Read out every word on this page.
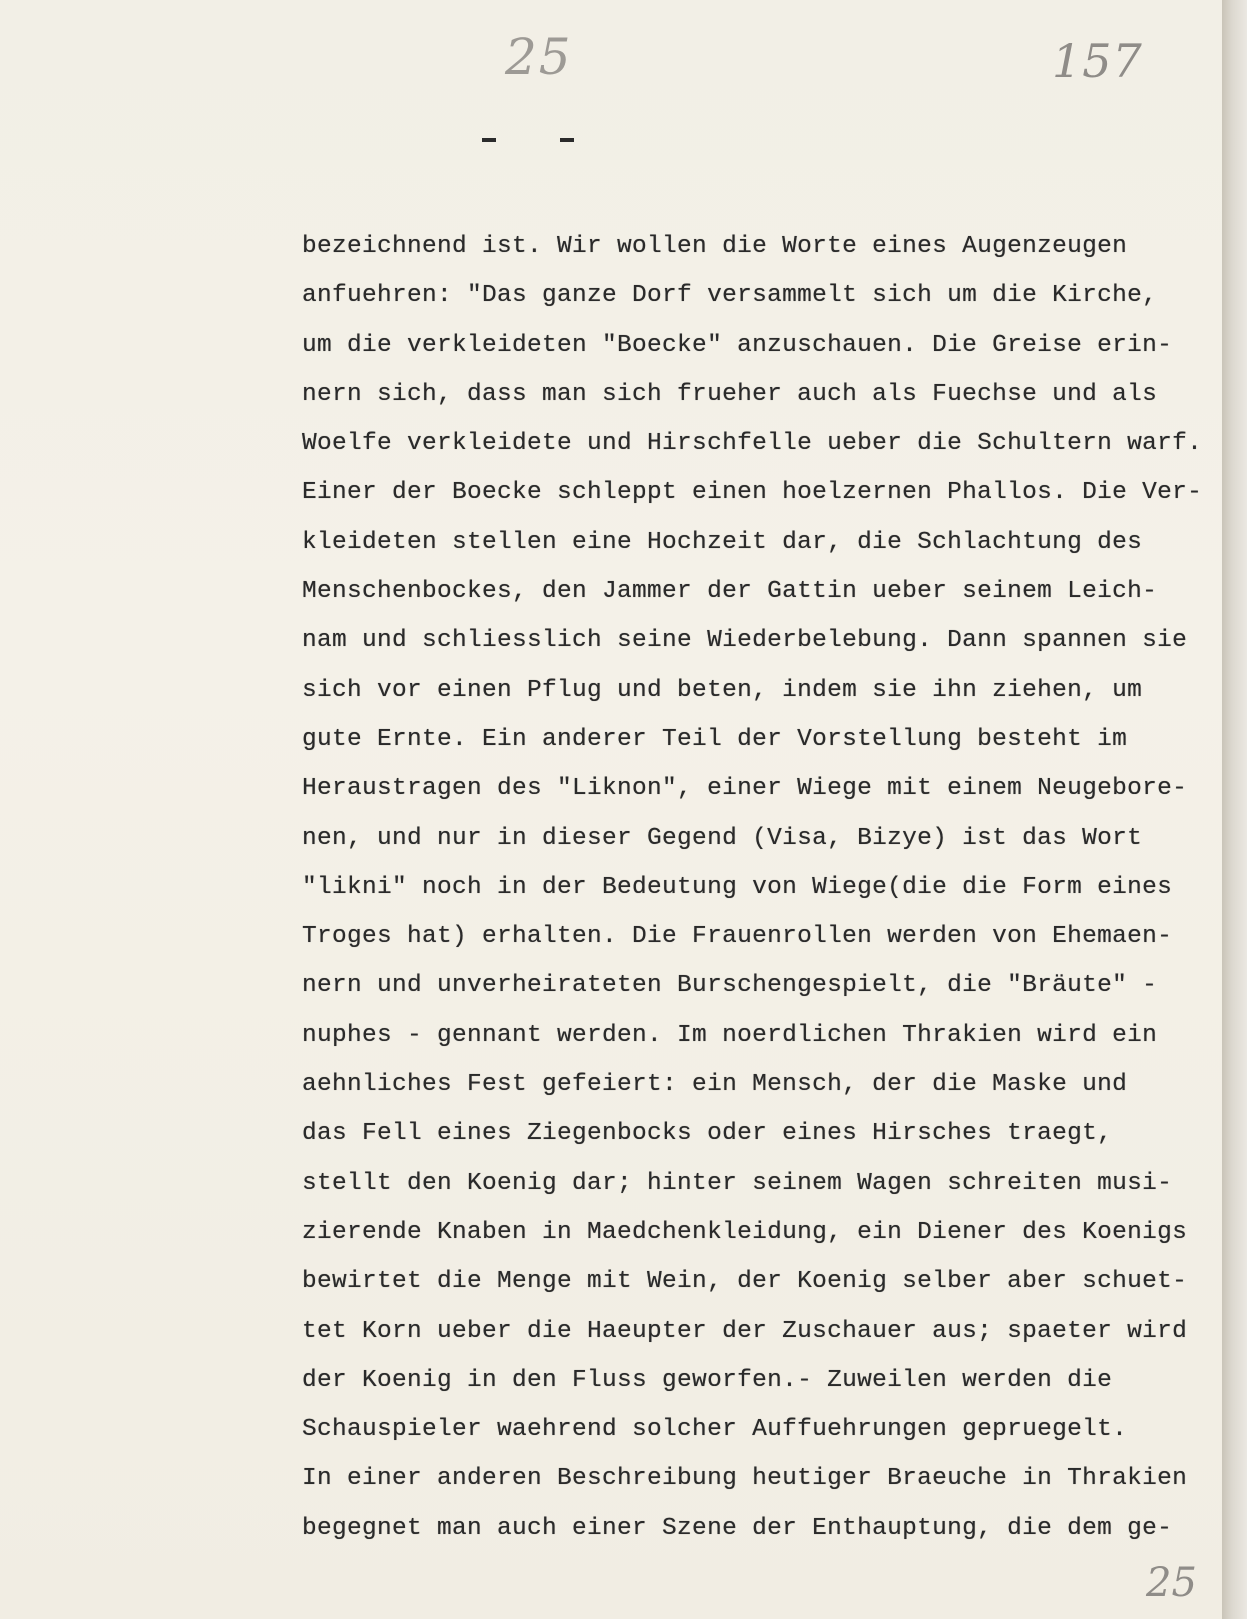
25	157
bezeichnend ist. Wir wollen die Worte eines Augenzeugen
anfuehren: "Das ganze Dorf versammelt sich um die Kirche,
um die verkleideten "Boecke" anzuschauen. Die Greise erin-
nern sich, dass man sich frueher auch als Fuechse und als
Woelfe verkleidete und Hirschfelle ueber die Schultern warf.
Einer der Boecke schleppt einen hoelzernen Phallos. Die Ver-
kleideten stellen eine Hochzeit dar, die Schlachtung des
Menschenbockes, den Jammer der Gattin ueber seinem Leich-
nam und schliesslich seine Wiederbelebung. Dann spannen sie
sich vor einen Pflug und beten, indem sie ihn ziehen, um
gute Ernte. Ein anderer Teil der Vorstellung besteht im
Heraustragen des "Liknon", einer Wiege mit einem Neugebore-
nen, und nur in dieser Gegend (Visa, Bizye) ist das Wort
"likni" noch in der Bedeutung von Wiege(die die Form eines
Troges hat) erhalten. Die Frauenrollen werden von Ehemaen-
nern und unverheirateten Burschengespielt, die "Bräute" -
nuphes - gennant werden. Im noerdlichen Thrakien wird ein
aehnliches Fest gefeiert: ein Mensch, der die Maske und
das Fell eines Ziegenbocks oder eines Hirsches traegt,
stellt den Koenig dar; hinter seinem Wagen schreiten musi-
zierende Knaben in Maedchenkleidung, ein Diener des Koenigs
bewirtet die Menge mit Wein, der Koenig selber aber schuet-
tet Korn ueber die Haeupter der Zuschauer aus; spaeter wird
der Koenig in den Fluss geworfen.- Zuweilen werden die
Schauspieler waehrend solcher Auffuehrungen gepruegelt.
In einer anderen Beschreibung heutiger Braeuche in Thrakien
begegnet man auch einer Szene der Enthauptung, die dem ge-
25
